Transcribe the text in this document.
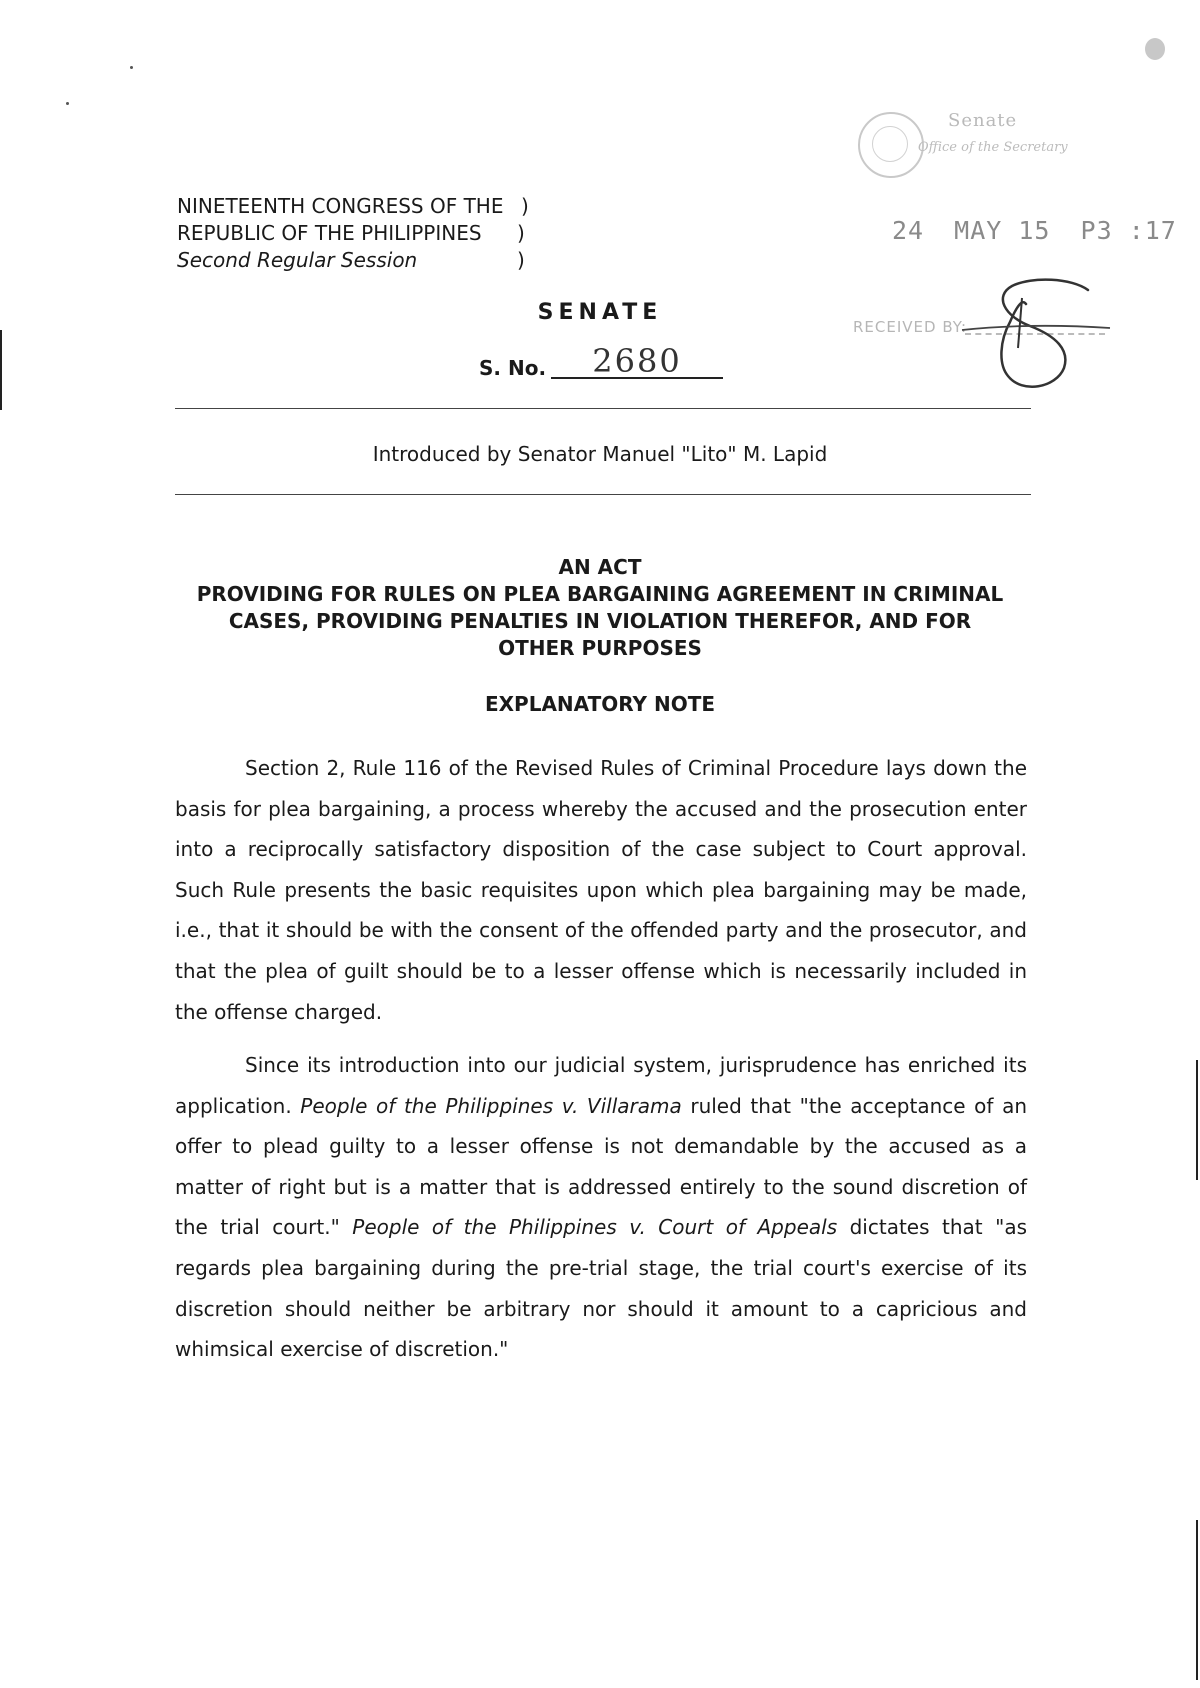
Senate
Office of the Secretary
24 MAY 15 P3 :17
RECEIVED BY:
NINETEENTH CONGRESS OF THE
REPUBLIC OF THE PHILIPPINES
Second Regular Session
)
)
)
SENATE
S. No.	2680
Introduced by Senator Manuel "Lito" M. Lapid
AN ACT
PROVIDING FOR RULES ON PLEA BARGAINING AGREEMENT IN CRIMINAL
CASES, PROVIDING PENALTIES IN VIOLATION THEREFOR, AND FOR
OTHER PURPOSES
EXPLANATORY NOTE

Section 2, Rule 116 of the Revised Rules of Criminal Procedure lays down the basis for plea bargaining, a process whereby the accused and the prosecution enter into a reciprocally satisfactory disposition of the case subject to Court approval. Such Rule presents the basic requisites upon which plea bargaining may be made, i.e., that it should be with the consent of the offended party and the prosecutor, and that the plea of guilt should be to a lesser offense which is necessarily included in the offense charged.

Since its introduction into our judicial system, jurisprudence has enriched its application. People of the Philippines v. Villarama ruled that "the acceptance of an offer to plead guilty to a lesser offense is not demandable by the accused as a matter of right but is a matter that is addressed entirely to the sound discretion of the trial court." People of the Philippines v. Court of Appeals dictates that "as regards plea bargaining during the pre-trial stage, the trial court's exercise of its discretion should neither be arbitrary nor should it amount to a capricious and whimsical exercise of discretion."
